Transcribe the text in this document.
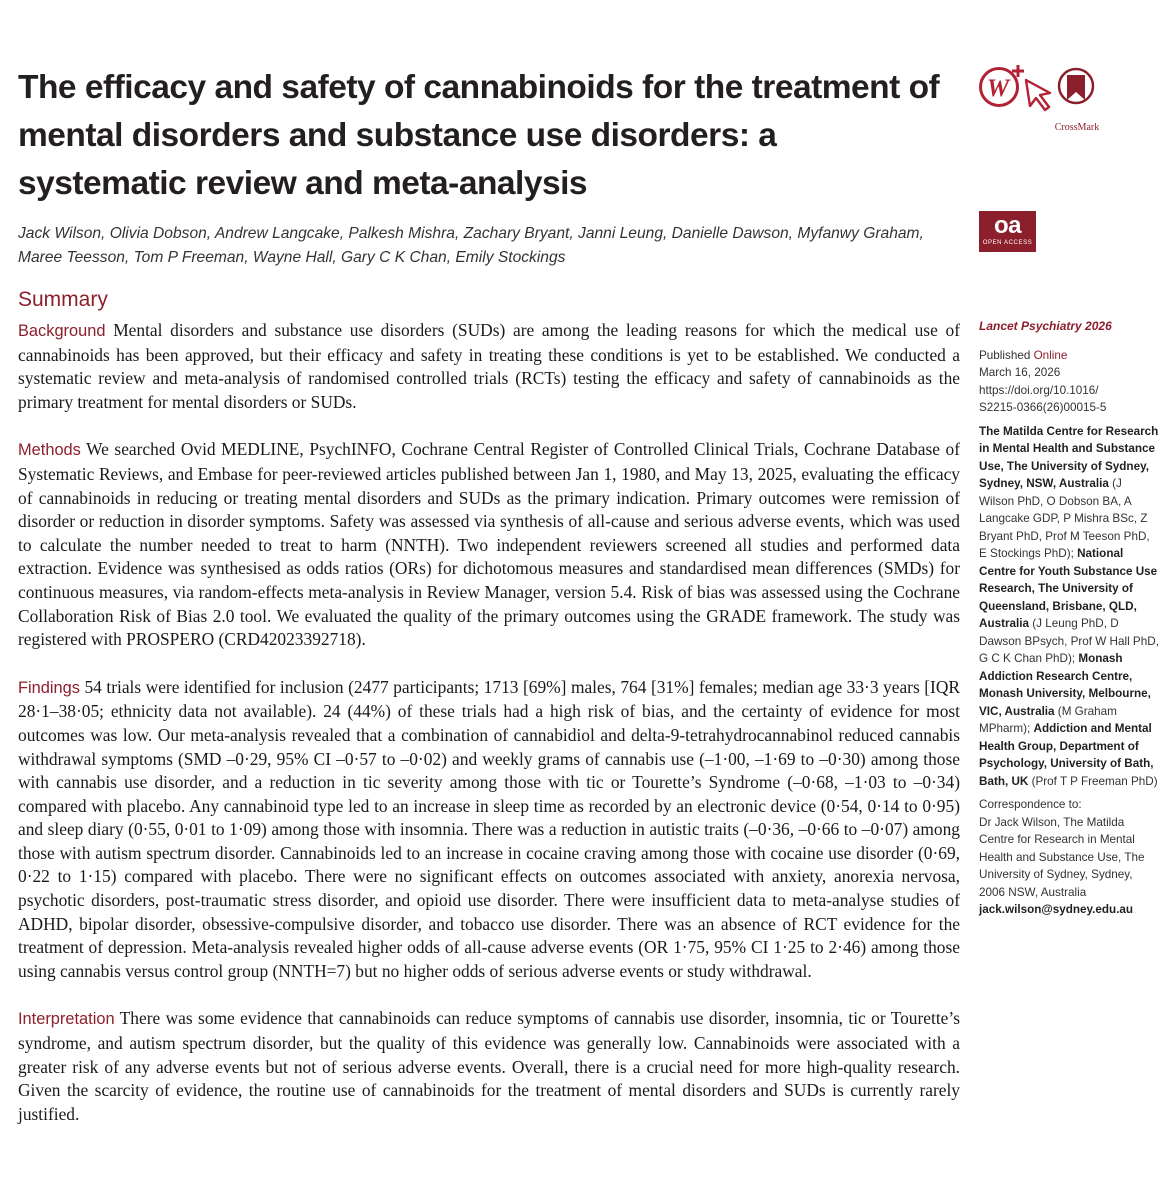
The efficacy and safety of cannabinoids for the treatment of mental disorders and substance use disorders: a systematic review and meta-analysis
W
CrossMark
Jack Wilson, Olivia Dobson, Andrew Langcake, Palkesh Mishra, Zachary Bryant, Janni Leung, Danielle Dawson, Myfanwy Graham, Maree Teesson, Tom P Freeman, Wayne Hall, Gary C K Chan, Emily Stockings
oa
OPEN ACCESS
Summary

Background Mental disorders and substance use disorders (SUDs) are among the leading reasons for which the medical use of cannabinoids has been approved, but their efficacy and safety in treating these conditions is yet to be established. We conducted a systematic review and meta-analysis of randomised controlled trials (RCTs) testing the efficacy and safety of cannabinoids as the primary treatment for mental disorders or SUDs.

Methods We searched Ovid MEDLINE, PsychINFO, Cochrane Central Register of Controlled Clinical Trials, Cochrane Database of Systematic Reviews, and Embase for peer-reviewed articles published between Jan 1, 1980, and May 13, 2025, evaluating the efficacy of cannabinoids in reducing or treating mental disorders and SUDs as the primary indication. Primary outcomes were remission of disorder or reduction in disorder symptoms. Safety was assessed via synthesis of all-cause and serious adverse events, which was used to calculate the number needed to treat to harm (NNTH). Two independent reviewers screened all studies and performed data extraction. Evidence was synthesised as odds ratios (ORs) for dichotomous measures and standardised mean differences (SMDs) for continuous measures, via random-effects meta-analysis in Review Manager, version 5.4. Risk of bias was assessed using the Cochrane Collaboration Risk of Bias 2.0 tool. We evaluated the quality of the primary outcomes using the GRADE framework. The study was registered with PROSPERO (CRD42023392718).

Findings 54 trials were identified for inclusion (2477 participants; 1713 [69%] males, 764 [31%] females; median age 33·3 years [IQR 28·1–38·05; ethnicity data not available). 24 (44%) of these trials had a high risk of bias, and the certainty of evidence for most outcomes was low. Our meta-analysis revealed that a combination of cannabidiol and delta-9-tetrahydrocannabinol reduced cannabis withdrawal symptoms (SMD –0·29, 95% CI –0·57 to –0·02) and weekly grams of cannabis use (–1·00, –1·69 to –0·30) among those with cannabis use disorder, and a reduction in tic severity among those with tic or Tourette’s Syndrome (–0·68, –1·03 to –0·34) compared with placebo. Any cannabinoid type led to an increase in sleep time as recorded by an electronic device (0·54, 0·14 to 0·95) and sleep diary (0·55, 0·01 to 1·09) among those with insomnia. There was a reduction in autistic traits (–0·36, –0·66 to –0·07) among those with autism spectrum disorder. Cannabinoids led to an increase in cocaine craving among those with cocaine use disorder (0·69, 0·22 to 1·15) compared with placebo. There were no significant effects on outcomes associated with anxiety, anorexia nervosa, psychotic disorders, post-traumatic stress disorder, and opioid use disorder. There were insufficient data to meta-analyse studies of ADHD, bipolar disorder, obsessive-compulsive disorder, and tobacco use disorder. There was an absence of RCT evidence for the treatment of depression. Meta-analysis revealed higher odds of all-cause adverse events (OR 1·75, 95% CI 1·25 to 2·46) among those using cannabis versus control group (NNTH=7) but no higher odds of serious adverse events or study withdrawal.

Interpretation There was some evidence that cannabinoids can reduce symptoms of cannabis use disorder, insomnia, tic or Tourette’s syndrome, and autism spectrum disorder, but the quality of this evidence was generally low. Cannabinoids were associated with a greater risk of any adverse events but not of serious adverse events. Overall, there is a crucial need for more high-quality research. Given the scarcity of evidence, the routine use of cannabinoids for the treatment of mental disorders and SUDs is currently rarely justified.

Lancet Psychiatry 2026
Published Online
March 16, 2026
https://doi.org/10.1016/
S2215-0366(26)00015-5
The Matilda Centre for Research in Mental Health and Substance Use, The University of Sydney, Sydney, NSW, Australia (J Wilson PhD, O Dobson BA, A Langcake GDP, P Mishra BSc, Z Bryant PhD, Prof M Teeson PhD, E Stockings PhD); National Centre for Youth Substance Use Research, The University of Queensland, Brisbane, QLD, Australia (J Leung PhD, D Dawson BPsych, Prof W Hall PhD, G C K Chan PhD); Monash Addiction Research Centre, Monash University, Melbourne, VIC, Australia (M Graham MPharm); Addiction and Mental Health Group, Department of Psychology, University of Bath, Bath, UK (Prof T P Freeman PhD)
Correspondence to:
Dr Jack Wilson, The Matilda Centre for Research in Mental Health and Substance Use, The University of Sydney, Sydney, 2006 NSW, Australia
jack.wilson@sydney.edu.au
